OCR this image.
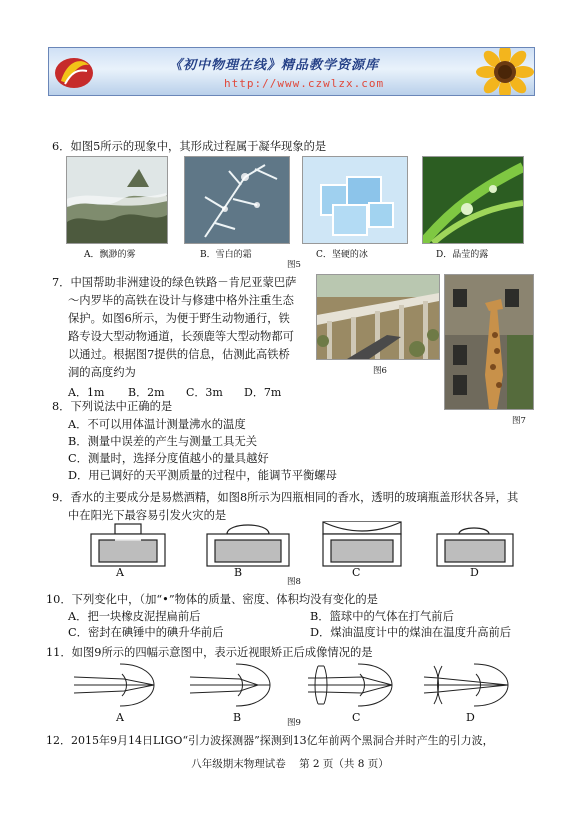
《初中物理在线》精品教学资源库
http://www.czwlzx.com
6．如图5所示的现象中，其形成过程属于凝华现象的是
A．飘渺的雾	B．雪白的霜	C．坚硬的冰	D．晶莹的露
图5
7．中国帮助非洲建设的绿色铁路－肯尼亚蒙巴萨
～内罗毕的高铁在设计与修建中格外注重生态
保护。如图6所示，为便于野生动物通行，铁
路专设大型动物通道，长颈鹿等大型动物都可
以通过。根据图7提供的信息，估测此高铁桥
洞的高度约为
A．1m B．2m C．3m D．7m
图6
图7
8．下列说法中正确的是
A．不可以用体温计测量沸水的温度
B．测量中误差的产生与测量工具无关
C．测量时，选择分度值越小的量具越好
D．用已调好的天平测质量的过程中，能调节平衡螺母
9．香水的主要成分是易燃酒精，如图8所示为四瓶相同的香水，透明的玻璃瓶盖形状各异，其
中在阳光下最容易引发火灾的是
A	B	C	D
图8
10．下列变化中，（加“•”物体的质量、密度、体积均没有变化的是
A．把一块橡皮泥捏扁前后	B．篮球中的气体在打气前后
C．密封在碘锤中的碘升华前后	D．煤油温度计中的煤油在温度升高前后
11．如图9所示的四幅示意图中，表示近视眼矫正后成像情况的是
A	B	C	D
图9
12．2015年9月14日LIGO“引力波探测器”探测到13亿年前两个黑洞合并时产生的引力波，
八年级期末物理试卷    第 2 页（共 8 页）
